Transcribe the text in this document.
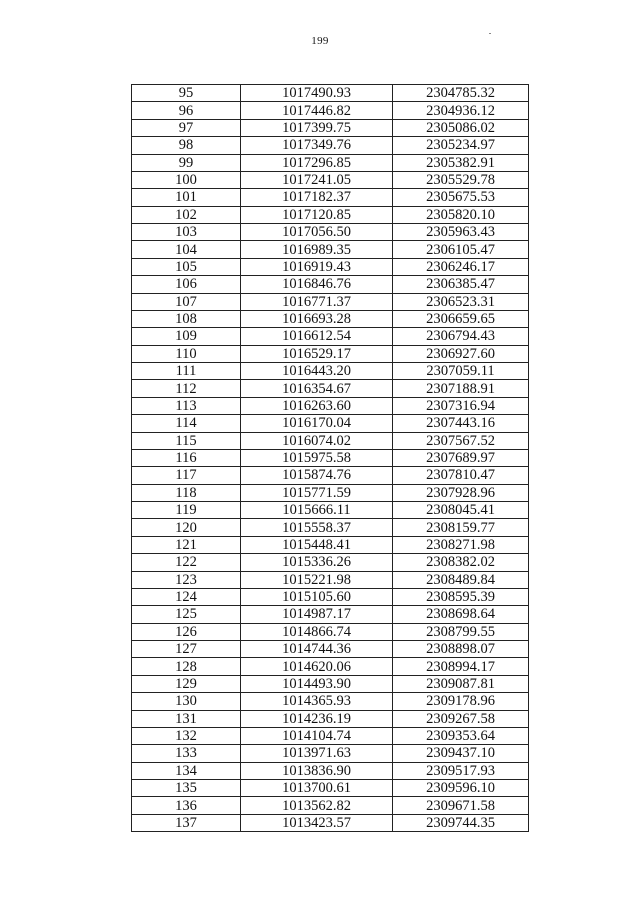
199
95	1017490.93	2304785.32
96	1017446.82	2304936.12
97	1017399.75	2305086.02
98	1017349.76	2305234.97
99	1017296.85	2305382.91
100	1017241.05	2305529.78
101	1017182.37	2305675.53
102	1017120.85	2305820.10
103	1017056.50	2305963.43
104	1016989.35	2306105.47
105	1016919.43	2306246.17
106	1016846.76	2306385.47
107	1016771.37	2306523.31
108	1016693.28	2306659.65
109	1016612.54	2306794.43
110	1016529.17	2306927.60
111	1016443.20	2307059.11
112	1016354.67	2307188.91
113	1016263.60	2307316.94
114	1016170.04	2307443.16
115	1016074.02	2307567.52
116	1015975.58	2307689.97
117	1015874.76	2307810.47
118	1015771.59	2307928.96
119	1015666.11	2308045.41
120	1015558.37	2308159.77
121	1015448.41	2308271.98
122	1015336.26	2308382.02
123	1015221.98	2308489.84
124	1015105.60	2308595.39
125	1014987.17	2308698.64
126	1014866.74	2308799.55
127	1014744.36	2308898.07
128	1014620.06	2308994.17
129	1014493.90	2309087.81
130	1014365.93	2309178.96
131	1014236.19	2309267.58
132	1014104.74	2309353.64
133	1013971.63	2309437.10
134	1013836.90	2309517.93
135	1013700.61	2309596.10
136	1013562.82	2309671.58
137	1013423.57	2309744.35
